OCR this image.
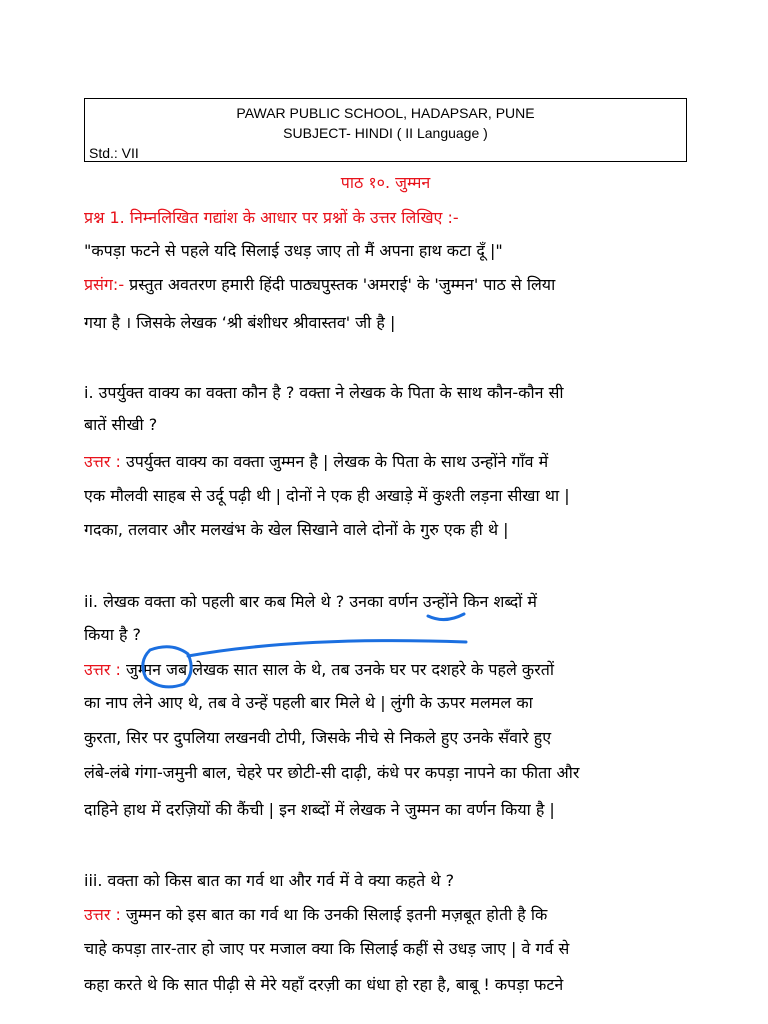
PAWAR PUBLIC SCHOOL, HADAPSAR, PUNE
SUBJECT- HINDI ( II Language )
Std.: VII
पाठ १०. जुम्मन
प्रश्न 1. निम्नलिखित गद्यांश के आधार पर प्रश्नों के उत्तर लिखिए :-
"कपड़ा फटने से पहले यदि सिलाई उधड़ जाए तो मैं अपना हाथ कटा दूँ |"
प्रसंग:- प्रस्तुत अवतरण हमारी हिंदी पाठ्यपुस्तक 'अमराई' के 'जुम्मन' पाठ से लिया
गया है । जिसके लेखक ‘श्री बंशीधर श्रीवास्तव' जी है |
i. उपर्युक्त वाक्य का वक्ता कौन है ? वक्ता ने लेखक के पिता के साथ कौन-कौन सी
बातें सीखी ?
उत्तर : उपर्युक्त वाक्य का वक्ता जुम्मन है | लेखक के पिता के साथ उन्होंने गाँव में
एक मौलवी साहब से उर्दू पढ़ी थी | दोनों ने एक ही अखाड़े में कुश्ती लड़ना सीखा था |
गदका, तलवार और मलखंभ के खेल सिखाने वाले दोनों के गुरु एक ही थे |
ii. लेखक वक्ता को पहली बार कब मिले थे ? उनका वर्णन उन्होंने किन शब्दों में
किया है ?
उत्तर : जुम्मन जब लेखक सात साल के थे, तब उनके घर पर दशहरे के पहले कुरतों
का नाप लेने आए थे, तब वे उन्हें पहली बार मिले थे | लुंगी के ऊपर मलमल का
कुरता, सिर पर दुपलिया लखनवी टोपी, जिसके नीचे से निकले हुए उनके सँवारे हुए
लंबे-लंबे गंगा-जमुनी बाल, चेहरे पर छोटी-सी दाढ़ी, कंधे पर कपड़ा नापने का फीता और
दाहिने हाथ में दरज़ियों की कैंची | इन शब्दों में लेखक ने जुम्मन का वर्णन किया है |
iii. वक्ता को किस बात का गर्व था और गर्व में वे क्या कहते थे ?
उत्तर : जुम्मन को इस बात का गर्व था कि उनकी सिलाई इतनी मज़बूत होती है कि
चाहे कपड़ा तार-तार हो जाए पर मजाल क्या कि सिलाई कहीं से उधड़ जाए | वे गर्व से
कहा करते थे कि सात पीढ़ी से मेरे यहाँ दरज़ी का धंधा हो रहा है, बाबू ! कपड़ा फटने
